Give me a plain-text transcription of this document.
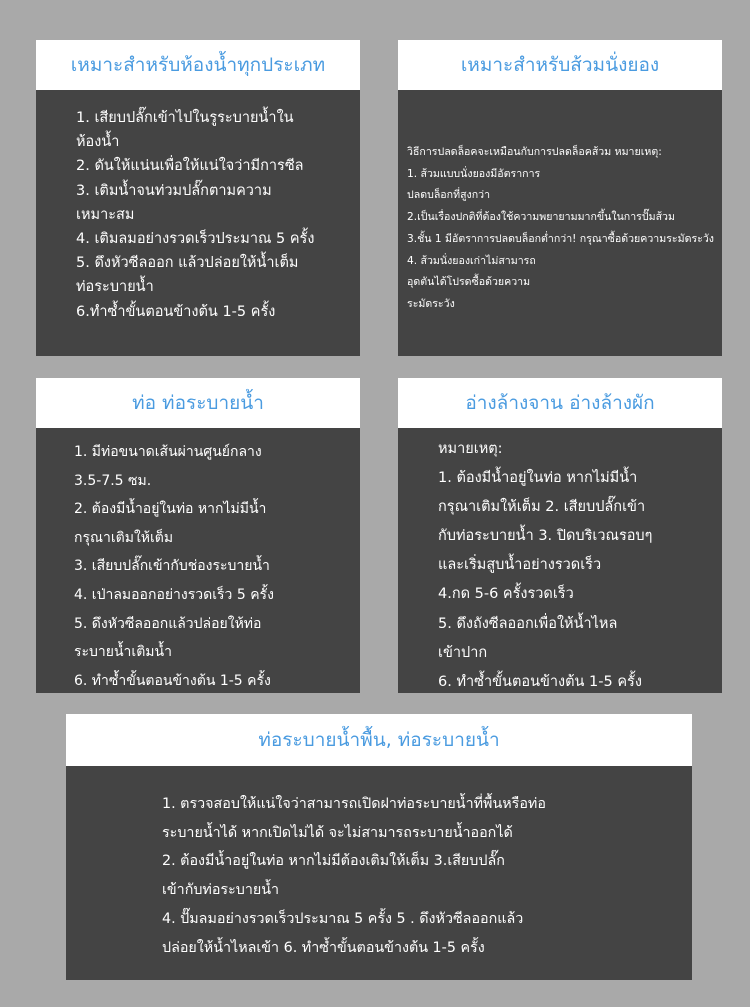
เหมาะสำหรับห้องน้ำทุกประเภท

1. เสียบปลั๊กเข้าไปในรูระบายน้ำใน

ห้องน้ำ

2. ดันให้แน่นเพื่อให้แน่ใจว่ามีการซีล

3. เติมน้ำจนท่วมปลั๊กตามความ

เหมาะสม

4. เติมลมอย่างรวดเร็วประมาณ 5 ครั้ง

5. ดึงหัวซีลออก แล้วปล่อยให้น้ำเต็ม

ท่อระบายน้ำ

6.ทำซ้ำขั้นตอนข้างต้น 1-5 ครั้ง

เหมาะสำหรับส้วมนั่งยอง

วิธีการปลดล็อคจะเหมือนกับการปลดล็อคส้วม หมายเหตุ:

1. ส้วมแบบนั่งยองมีอัตราการ

ปลดบล็อกที่สูงกว่า

2.เป็นเรื่องปกติที่ต้องใช้ความพยายามมากขึ้นในการปั๊มส้วม

3.ชั้น 1 มีอัตราการปลดบล็อกต่ำกว่า! กรุณาซื้อด้วยความระมัดระวัง

4. ส้วมนั่งยองเก่าไม่สามารถ

อุดตันได้โปรดซื้อด้วยความ

ระมัดระวัง

ท่อ ท่อระบายน้ำ

1. มีท่อขนาดเส้นผ่านศูนย์กลาง

3.5-7.5 ซม.

2. ต้องมีน้ำอยู่ในท่อ หากไม่มีน้ำ

กรุณาเติมให้เต็ม

3. เสียบปลั๊กเข้ากับช่องระบายน้ำ

4. เป่าลมออกอย่างรวดเร็ว 5 ครั้ง

5. ดึงหัวซีลออกแล้วปล่อยให้ท่อ

ระบายน้ำเติมน้ำ

6. ทำซ้ำขั้นตอนข้างต้น 1-5 ครั้ง

อ่างล้างจาน อ่างล้างผัก

หมายเหตุ:

1. ต้องมีน้ำอยู่ในท่อ หากไม่มีน้ำ

กรุณาเติมให้เต็ม 2. เสียบปลั๊กเข้า

กับท่อระบายน้ำ 3. ปิดบริเวณรอบๆ

และเริ่มสูบน้ำอย่างรวดเร็ว

4.กด 5-6 ครั้งรวดเร็ว

5. ดึงถังซีลออกเพื่อให้น้ำไหล

เข้าปาก

6. ทำซ้ำขั้นตอนข้างต้น 1-5 ครั้ง

ท่อระบายน้ำพื้น, ท่อระบายน้ำ

1. ตรวจสอบให้แน่ใจว่าสามารถเปิดฝาท่อระบายน้ำที่พื้นหรือท่อ

ระบายน้ำได้ หากเปิดไม่ได้ จะไม่สามารถระบายน้ำออกได้

2. ต้องมีน้ำอยู่ในท่อ หากไม่มีต้องเติมให้เต็ม 3.เสียบปลั๊ก

เข้ากับท่อระบายน้ำ

4. ปั๊มลมอย่างรวดเร็วประมาณ 5 ครั้ง 5 . ดึงหัวซีลออกแล้ว

ปล่อยให้น้ำไหลเข้า 6. ทำซ้ำขั้นตอนข้างต้น 1-5 ครั้ง
